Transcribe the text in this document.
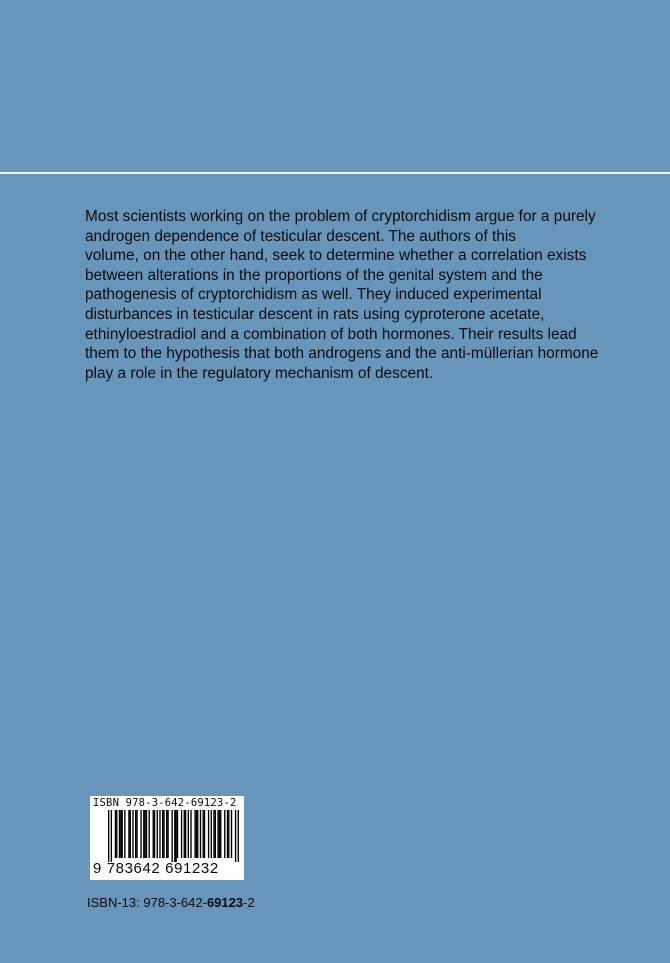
Most scientists working on the problem of cryptorchidism argue for a purely

androgen dependence of testicular descent. The authors of this

volume, on the other hand, seek to determine whether a correlation exists

between alterations in the proportions of the genital system and the

pathogenesis of cryptorchidism as well. They induced experimental

disturbances in testicular descent in rats using cyproterone acetate,

ethinyloestradiol and a combination of both hormones. Their results lead

them to the hypothesis that both androgens and the anti-müllerian hormone

play a role in the regulatory mechanism of descent.

ISBN 978-3-642-69123-2
9 783642 691232
ISBN-13: 978-3-642-69123-2
